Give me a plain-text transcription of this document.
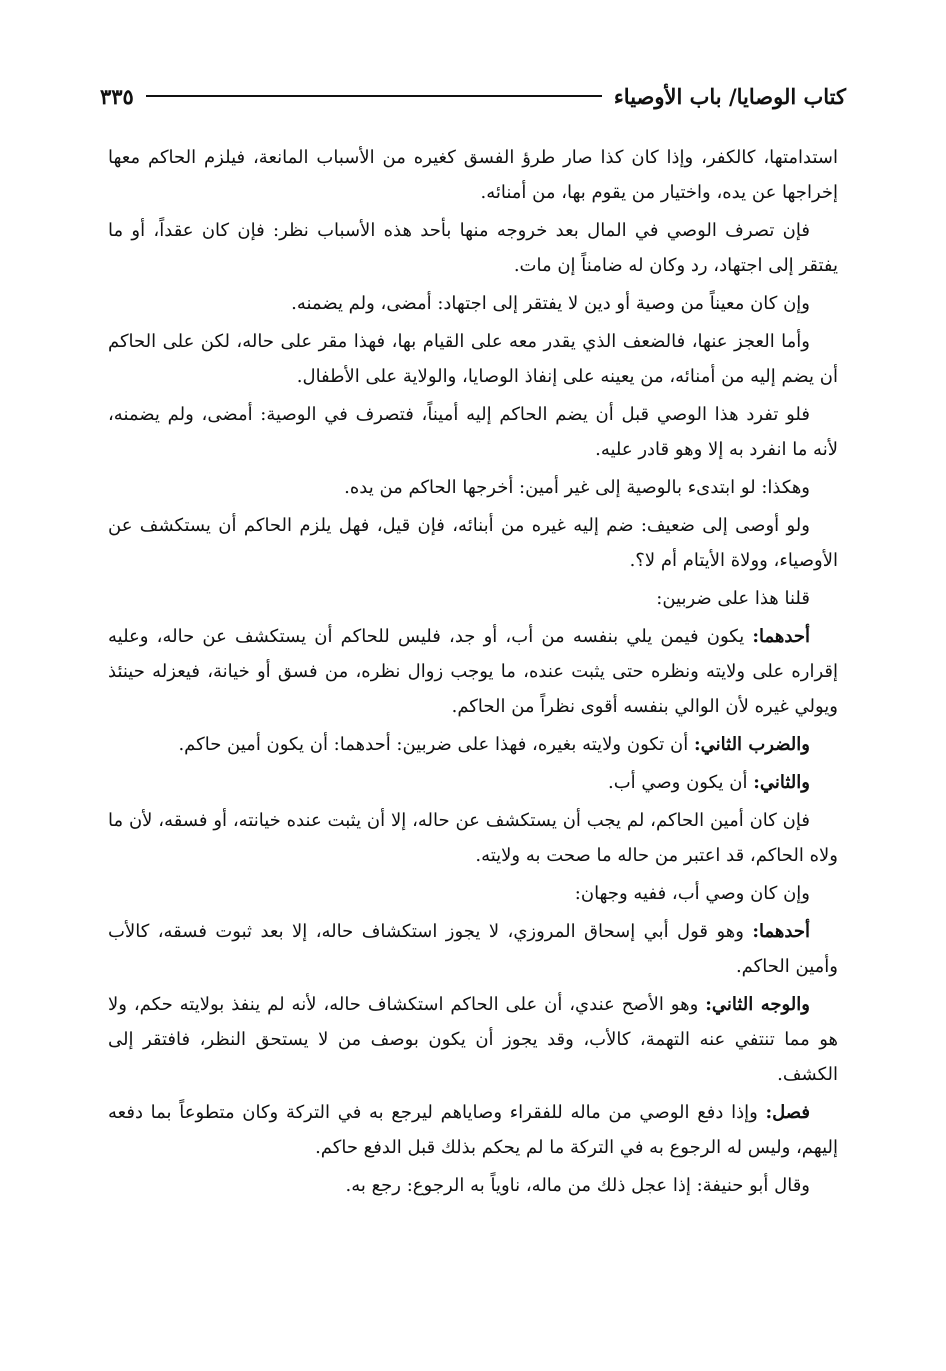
كتاب الوصايا/ باب الأوصياء
٣٣٥

استدامتها، كالكفر، وإذا كان كذا صار طرؤ الفسق كغيره من الأسباب المانعة، فيلزم الحاكم معها إخراجها عن يده، واختيار من يقوم بها، من أمنائه.

فإن تصرف الوصي في المال بعد خروجه منها بأحد هذه الأسباب نظر: فإن كان عقداً، أو ما يفتقر إلى اجتهاد، رد وكان له ضامناً إن مات.

وإن كان معيناً من وصية أو دين لا يفتقر إلى اجتهاد: أمضى، ولم يضمنه.

وأما العجز عنها، فالضعف الذي يقدر معه على القيام بها، فهذا مقر على حاله، لكن على الحاكم أن يضم إليه من أمنائه، من يعينه على إنفاذ الوصايا، والولاية على الأطفال.

فلو تفرد هذا الوصي قبل أن يضم الحاكم إليه أميناً، فتصرف في الوصية: أمضى، ولم يضمنه، لأنه ما انفرد به إلا وهو قادر عليه.

وهكذا: لو ابتدىء بالوصية إلى غير أمين: أخرجها الحاكم من يده.

ولو أوصى إلى ضعيف: ضم إليه غيره من أبنائه، فإن قيل، فهل يلزم الحاكم أن يستكشف عن الأوصياء، وولاة الأيتام أم لا؟.

قلنا هذا على ضربين:

أحدهما: يكون فيمن يلي بنفسه من أب، أو جد، فليس للحاكم أن يستكشف عن حاله، وعليه إقراره على ولايته ونظره حتى يثبت عنده، ما يوجب زوال نظره، من فسق أو خيانة، فيعزله حينئذ ويولي غيره لأن الوالي بنفسه أقوى نظراً من الحاكم.

والضرب الثاني: أن تكون ولايته بغيره، فهذا على ضربين: أحدهما: أن يكون أمين حاكم.

والثاني: أن يكون وصي أب.

فإن كان أمين الحاكم، لم يجب أن يستكشف عن حاله، إلا أن يثبت عنده خيانته، أو فسقه، لأن ما ولاه الحاكم، قد اعتبر من حاله ما صحت به ولايته.

وإن كان وصي أب، ففيه وجهان:

أحدهما: وهو قول أبي إسحاق المروزي، لا يجوز استكشاف حاله، إلا بعد ثبوت فسقه، كالأب وأمين الحاكم.

والوجه الثاني: وهو الأصح عندي، أن على الحاكم استكشاف حاله، لأنه لم ينفذ بولايته حكم، ولا هو مما تنتفي عنه التهمة، كالأب، وقد يجوز أن يكون بوصف من لا يستحق النظر، فافتقر إلى الكشف.

فصل: وإذا دفع الوصي من ماله للفقراء وصاياهم ليرجع به في التركة وكان متطوعاً بما دفعه إليهم، وليس له الرجوع به في التركة ما لم يحكم بذلك قبل الدفع حاكم.

وقال أبو حنيفة: إذا عجل ذلك من ماله، ناوياً به الرجوع: رجع به.
